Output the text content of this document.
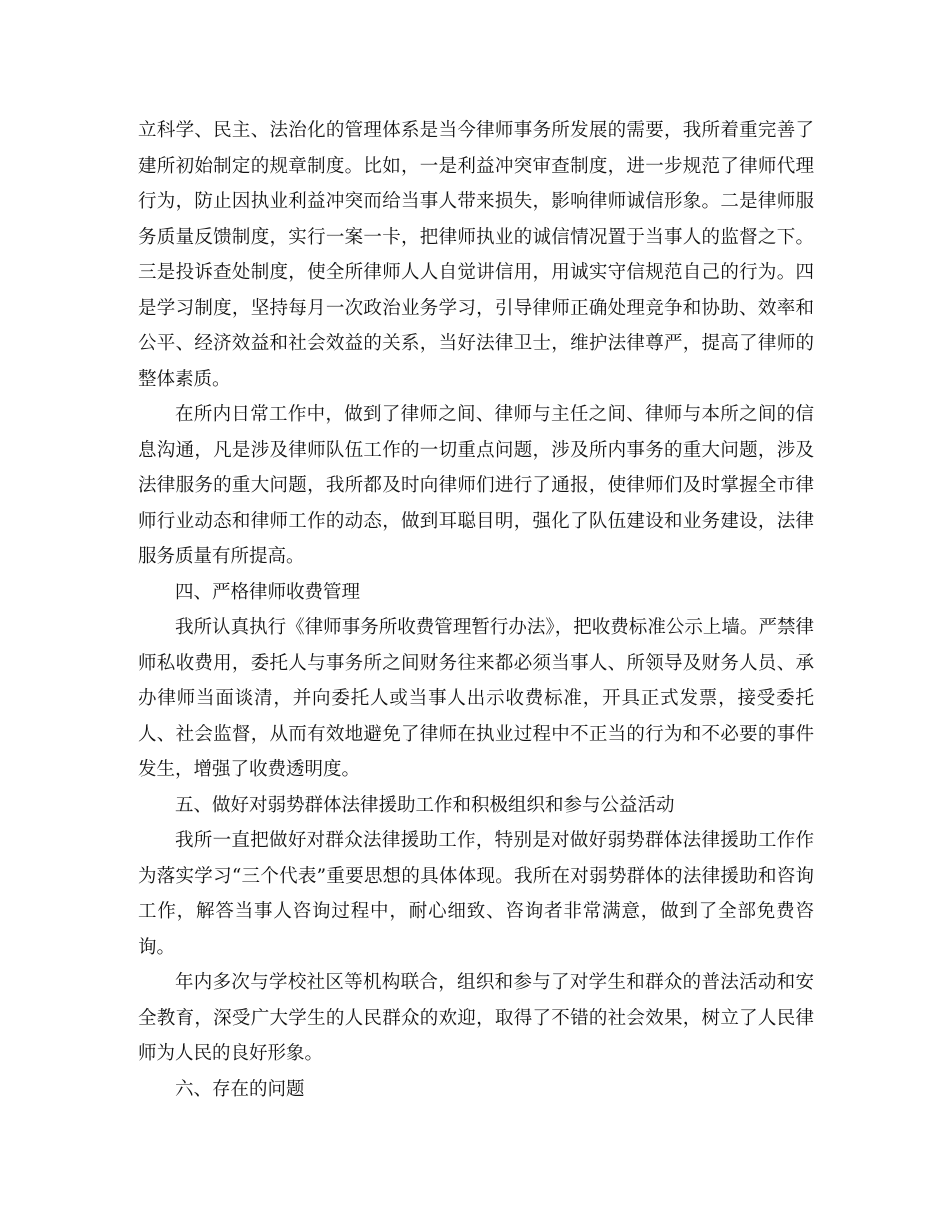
立科学、民主、法治化的管理体系是当今律师事务所发展的需要，我所着重完善了建所初始制定的规章制度。比如，一是利益冲突审查制度，进一步规范了律师代理行为，防止因执业利益冲突而给当事人带来损失，影响律师诚信形象。二是律师服务质量反馈制度，实行一案一卡，把律师执业的诚信情况置于当事人的监督之下。三是投诉查处制度，使全所律师人人自觉讲信用，用诚实守信规范自己的行为。四是学习制度，坚持每月一次政治业务学习，引导律师正确处理竞争和协助、效率和公平、经济效益和社会效益的关系，当好法律卫士，维护法律尊严，提高了律师的整体素质。

在所内日常工作中，做到了律师之间、律师与主任之间、律师与本所之间的信息沟通，凡是涉及律师队伍工作的一切重点问题，涉及所内事务的重大问题，涉及法律服务的重大问题，我所都及时向律师们进行了通报，使律师们及时掌握全市律师行业动态和律师工作的动态，做到耳聪目明，强化了队伍建设和业务建设，法律服务质量有所提高。

四、严格律师收费管理

我所认真执行《律师事务所收费管理暂行办法》，把收费标准公示上墙。严禁律师私收费用，委托人与事务所之间财务往来都必须当事人、所领导及财务人员、承办律师当面谈清，并向委托人或当事人出示收费标准，开具正式发票，接受委托人、社会监督，从而有效地避免了律师在执业过程中不正当的行为和不必要的事件发生，增强了收费透明度。

五、做好对弱势群体法律援助工作和积极组织和参与公益活动

我所一直把做好对群众法律援助工作，特别是对做好弱势群体法律援助工作作为落实学习“三个代表”重要思想的具体体现。我所在对弱势群体的法律援助和咨询工作，解答当事人咨询过程中，耐心细致、咨询者非常满意，做到了全部免费咨询。

年内多次与学校社区等机构联合，组织和参与了对学生和群众的普法活动和安全教育，深受广大学生的人民群众的欢迎，取得了不错的社会效果，树立了人民律师为人民的良好形象。

六、存在的问题
